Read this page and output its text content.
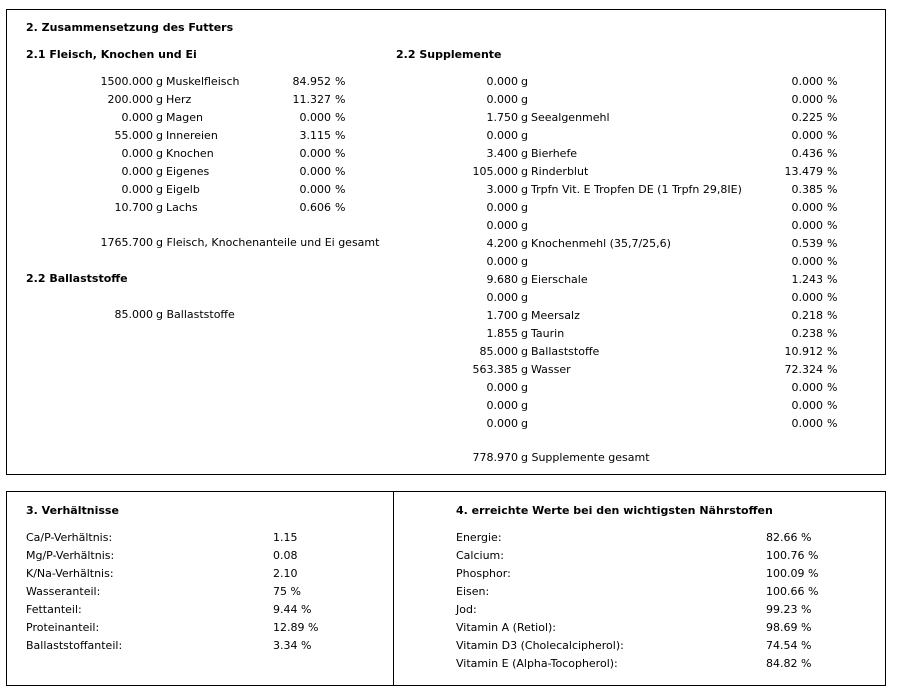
2. Zusammensetzung des Futters
2.1 Fleisch, Knochen und Ei	2.2 Supplemente
1500.000 g Muskelfleisch	84.952 %
200.000 g Herz	11.327 %
0.000 g Magen	0.000 %
55.000 g Innereien	3.115 %
0.000 g Knochen	0.000 %
0.000 g Eigenes	0.000 %
0.000 g Eigelb	0.000 %
10.700 g Lachs	0.606 %
1765.700 g Fleisch, Knochenanteile und Ei gesamt
2.2 Ballaststoffe
85.000 g Ballaststoffe
0.000 g	0.000 %
0.000 g	0.000 %
1.750 g Seealgenmehl	0.225 %
0.000 g	0.000 %
3.400 g Bierhefe	0.436 %
105.000 g Rinderblut	13.479 %
3.000 g Trpfn Vit. E Tropfen DE (1 Trpfn 29,8IE)	0.385 %
0.000 g	0.000 %
0.000 g	0.000 %
4.200 g Knochenmehl (35,7/25,6)	0.539 %
0.000 g	0.000 %
9.680 g Eierschale	1.243 %
0.000 g	0.000 %
1.700 g Meersalz	0.218 %
1.855 g Taurin	0.238 %
85.000 g Ballaststoffe	10.912 %
563.385 g Wasser	72.324 %
0.000 g	0.000 %
0.000 g	0.000 %
0.000 g	0.000 %
778.970 g Supplemente gesamt
3. Verhältnisse
Ca/P-Verhältnis:	1.15
Mg/P-Verhältnis:	0.08
K/Na-Verhältnis:	2.10
Wasseranteil:	75 %
Fettanteil:	9.44 %
Proteinanteil:	12.89 %
Ballaststoffanteil:	3.34 %
4. erreichte Werte bei den wichtigsten Nährstoffen
Energie:	82.66 %
Calcium:	100.76 %
Phosphor:	100.09 %
Eisen:	100.66 %
Jod:	99.23 %
Vitamin A (Retiol):	98.69 %
Vitamin D3 (Cholecalcipherol):	74.54 %
Vitamin E (Alpha-Tocopherol):	84.82 %
